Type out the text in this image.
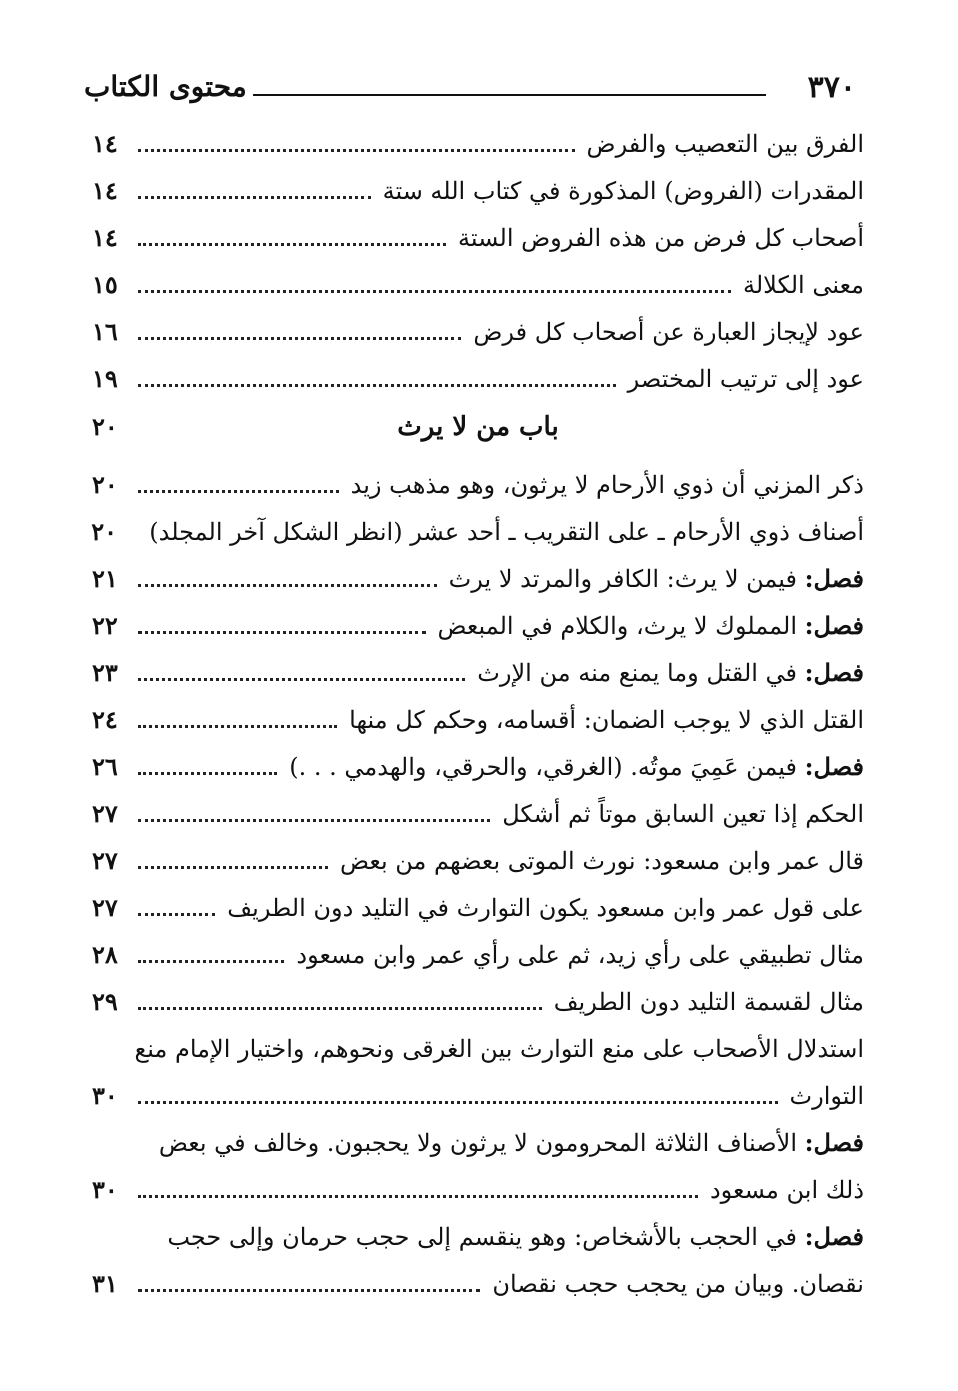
٣٧٠
محتوى الكتاب
الفرق بين التعصيب والفرض
١٤
المقدرات (الفروض) المذكورة في كتاب الله ستة
١٤
أصحاب كل فرض من هذه الفروض الستة
١٤
معنى الكلالة
١٥
عود لإيجاز العبارة عن أصحاب كل فرض
١٦
عود إلى ترتيب المختصر
١٩
باب من لا يرث
٢٠
ذكر المزني أن ذوي الأرحام لا يرثون، وهو مذهب زيد
٢٠
أصناف ذوي الأرحام ـ على التقريب ـ أحد عشر (انظر الشكل آخر المجلد)
٢٠
فصل: فيمن لا يرث: الكافر والمرتد لا يرث
٢١
فصل: المملوك لا يرث، والكلام في المبعض
٢٢
فصل: في القتل وما يمنع منه من الإرث
٢٣
القتل الذي لا يوجب الضمان: أقسامه، وحكم كل منها
٢٤
فصل: فيمن عَمِيَ موتُه. (الغرقي، والحرقي، والهدمي . . .)
٢٦
الحكم إذا تعين السابق موتاً ثم أشكل
٢٧
قال عمر وابن مسعود: نورث الموتى بعضهم من بعض
٢٧
على قول عمر وابن مسعود يكون التوارث في التليد دون الطريف
٢٧
مثال تطبيقي على رأي زيد، ثم على رأي عمر وابن مسعود
٢٨
مثال لقسمة التليد دون الطريف
٢٩
استدلال الأصحاب على منع التوارث بين الغرقى ونحوهم، واختيار الإمام منع
التوارث
٣٠
فصل: الأصناف الثلاثة المحرومون لا يرثون ولا يحجبون. وخالف في بعض
ذلك ابن مسعود
٣٠
فصل: في الحجب بالأشخاص: وهو ينقسم إلى حجب حرمان وإلى حجب
نقصان. وبيان من يحجب حجب نقصان
٣١
